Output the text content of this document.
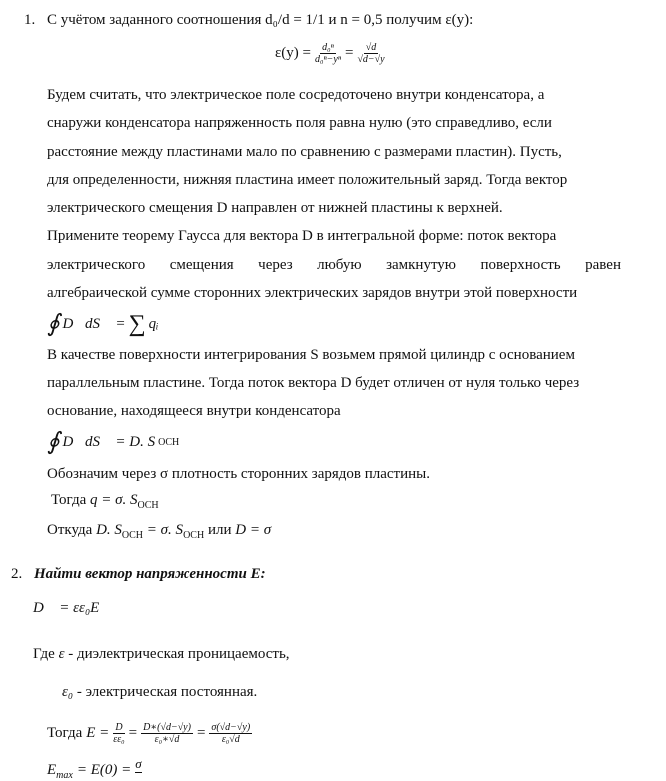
1. С учётом заданного соотношения d₀/d = 1/1 и n = 0,5 получим ε(y):
$\varepsilon(y) = \frac{\text{d₀ⁿ}}{\text{d₀ⁿ−yⁿ}} = \frac{√d}{√d-√y}$
Будем считать, что электрическое поле сосредоточено внутри конденсатора, а
снаружи конденсатора напряженность поля равна нулю (это справедливо, если
расстояние между пластинами мало по сравнению с размерами пластин). Пусть,
для определенности, нижняя пластина имеет положительный заряд. Тогда вектор
электрического смещения D направлен от нижней пластины к верхней.
Примените теорему Гаусса для вектора D в интегральной форме: поток вектора
электрического смещения через любую замкнутую поверхность равен
алгебраической сумме сторонних электрических зарядов внутри этой поверхности
∮ D⃗dS⃗ = ∑ qᵢ
В качестве поверхности интегрирования S возьмем прямой цилиндр с основанием
параллельным пластине. Тогда поток вектора D будет отличен от нуля только через
основание, находящееся внутри конденсатора
∮ D⃗dS⃗ = D. S OCH
Обозначим через σ плотность сторонних зарядов пластины.
Тогда q = σ. $S_{OCH}$
Откуда D. $S_{OCH} = \sigma$. $S_{OCH}$ или D = σ
2. Найти вектор напряженности E:
D⃗ = εε₀E⃗
Где ε - диэлектрическая проницаемость,
ε₀ - электрическая постоянная.
Тогда $E = \frac{D}{\text{εε₀}} = \frac{D∗(√d-√y)}{\text{ε₀∗√d}} = \frac{\sigma(√d-√y)}{\text{ε₀√d}}$
$E_{max} = E(0) = \sigma$
